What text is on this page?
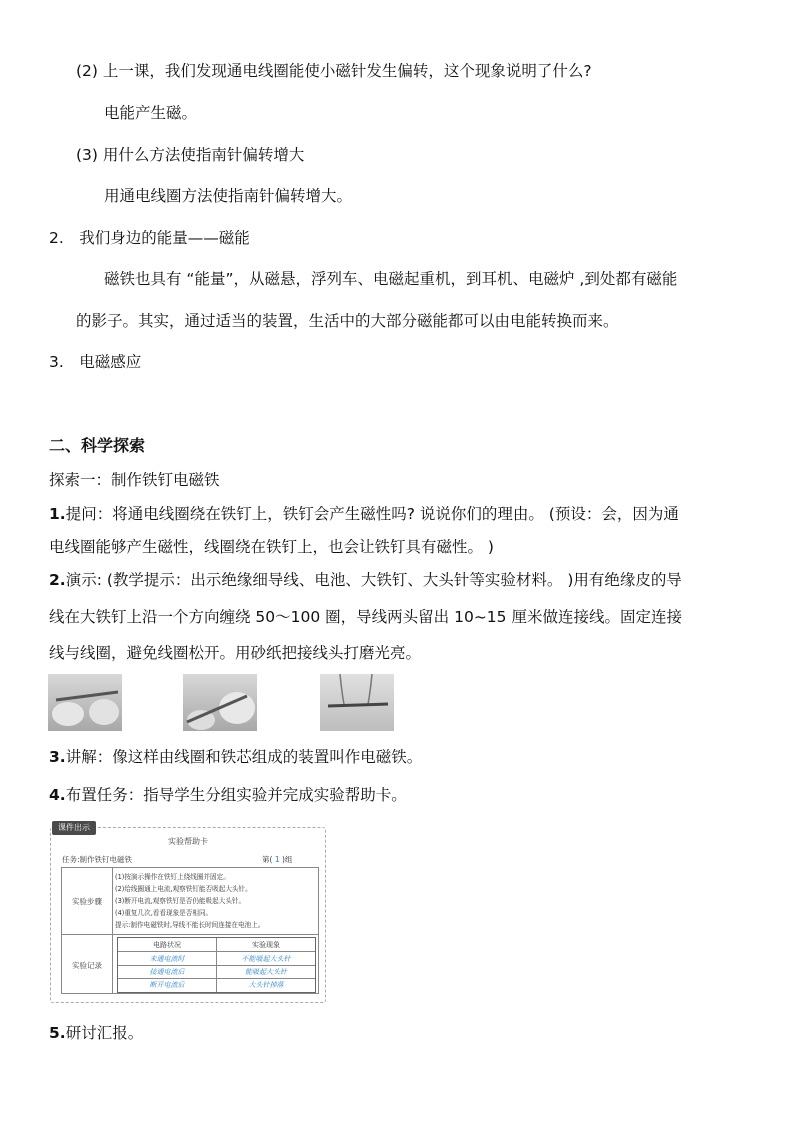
(2) 上一课，我们发现通电线圈能使小磁针发生偏转，这个现象说明了什么?
电能产生磁。
(3) 用什么方法使指南针偏转增大
用通电线圈方法使指南针偏转增大。
2.　我们身边的能量——磁能
磁铁也具有 “能量”，从磁悬，浮列车、电磁起重机，到耳机、电磁炉 ,到处都有磁能
的影子。其实，通过适当的装置，生活中的大部分磁能都可以由电能转换而来。
3.　电磁感应
二、科学探索
探索一：制作铁钉电磁铁
1.提问：将通电线圈绕在铁钉上，铁钉会产生磁性吗? 说说你们的理由。 (预设：会，因为通
电线圈能够产生磁性，线圈绕在铁钉上，也会让铁钉具有磁性。 )
2.演示: (教学提示：出示绝缘细导线、电池、大铁钉、大头针等实验材料。 )用有绝缘皮的导
线在大铁钉上沿一个方向缠绕 50～100 圈，导线两头留出 10~15 厘米做连接线。固定连接
线与线圈，避免线圈松开。用砂纸把接线头打磨光亮。
3.讲解：像这样由线圈和铁芯组成的装置叫作电磁铁。
4.布置任务：指导学生分组实验并完成实验帮助卡。
课件出示
实验帮助卡
任务:制作铁钉电磁铁	第( 1 )组
实验步骤
(1)按演示操作在铁钉上绕线圈并固定。
(2)给线圈通上电流,观察铁钉能否吸起大头针。
(3)断开电流,观察铁钉是否仍能吸起大头针。
(4)重复几次,看看现象是否相同。
提示:制作电磁铁时,导线不能长时间连接在电池上。
实验记录
电路状况	实验现象
未通电流时	不能吸起大头针
接通电流后	能吸起大头针
断开电流后	大头针掉落
5.研讨汇报。
